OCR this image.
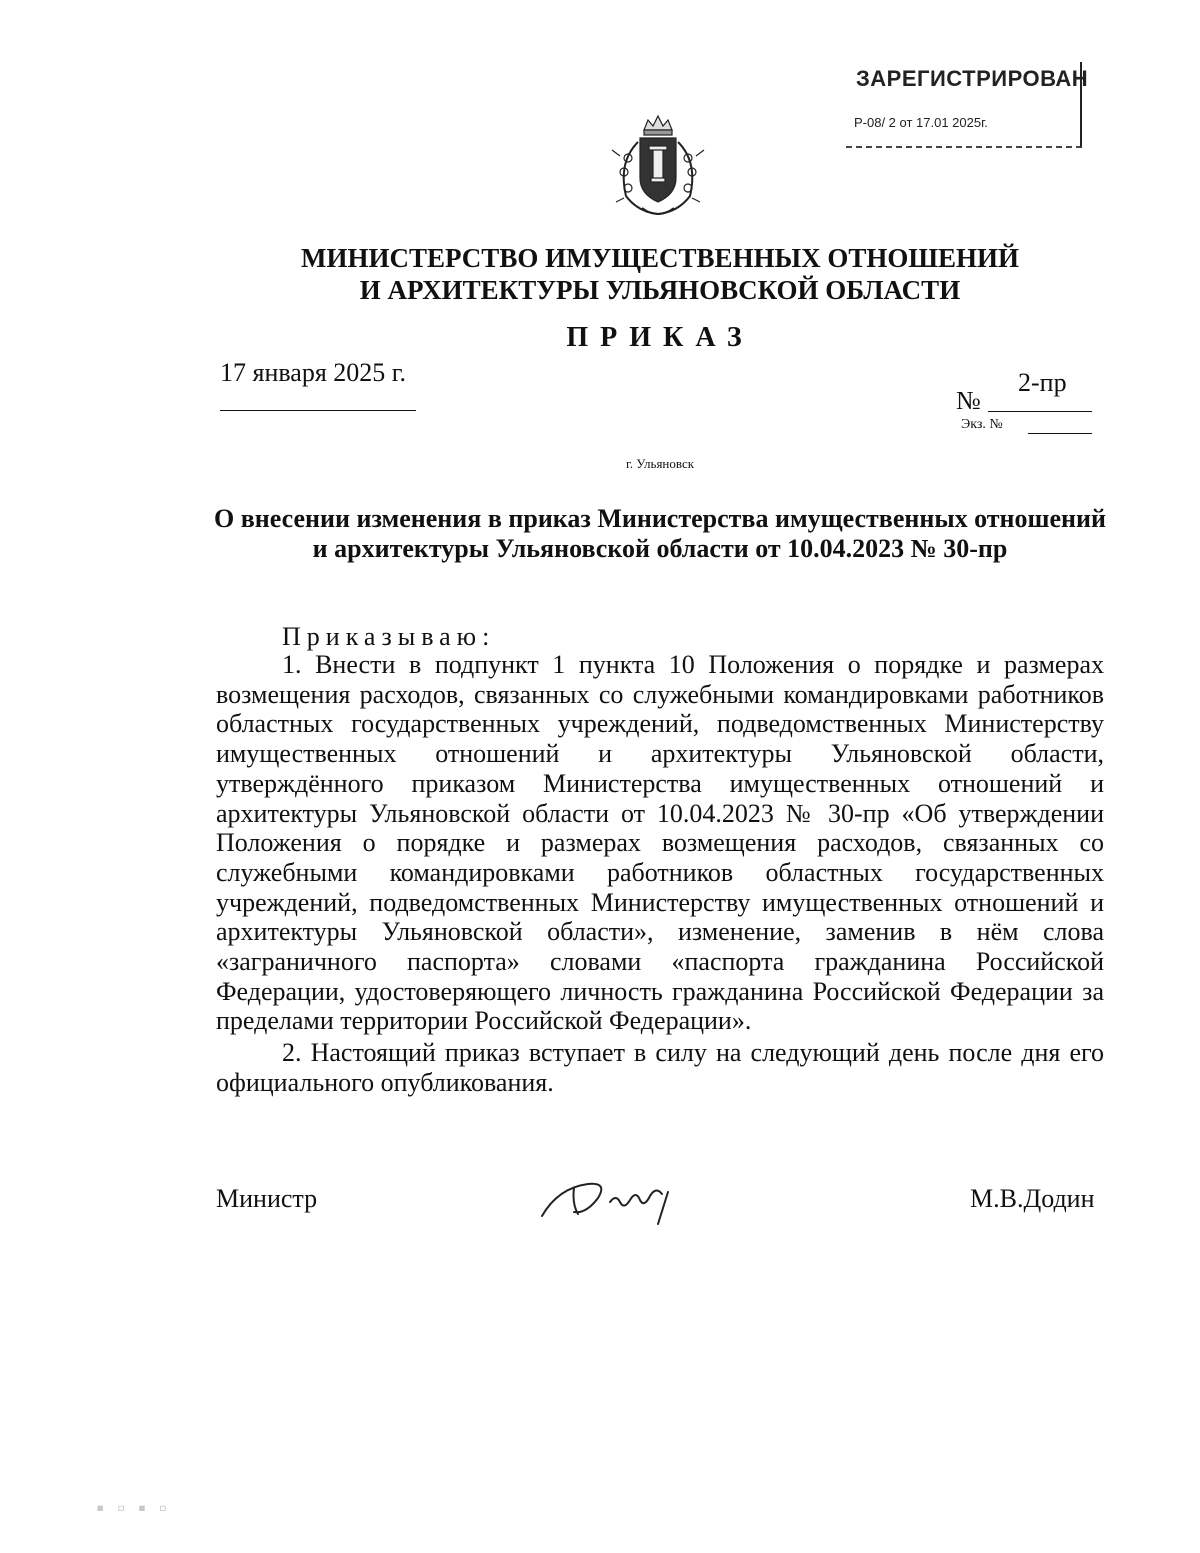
ЗАРЕГИСТРИРОВАН
Р-08/ 2 от 17.01 2025г.
МИНИСТЕРСТВО ИМУЩЕСТВЕННЫХ ОТНОШЕНИЙ
И АРХИТЕКТУРЫ УЛЬЯНОВСКОЙ ОБЛАСТИ
ПРИКАЗ
17 января 2025 г.
№
2-пр
Экз. №
г. Ульяновск
О внесении изменения в приказ Министерства имущественных отношений
и архитектуры Ульяновской области от 10.04.2023 № 30-пр
Приказываю:
1. Внести в подпункт 1 пункта 10 Положения о порядке и размерах возмещения расходов, связанных со служебными командировками работников областных государственных учреждений, подведомственных Министерству имущественных отношений и архитектуры Ульяновской области, утверждённого приказом Министерства имущественных отношений и архитектуры Ульяновской области от 10.04.2023 № 30-пр «Об утверждении Положения о порядке и размерах возмещения расходов, связанных со служебными командировками работников областных государственных учреждений, подведомственных Министерству имущественных отношений и архитектуры Ульяновской области», изменение, заменив в нём слова «заграничного паспорта» словами «паспорта гражданина Российской Федерации, удостоверяющего личность гражданина Российской Федерации за пределами территории Российской Федерации».
2. Настоящий приказ вступает в силу на следующий день после дня его официального опубликования.
Министр	М.В.Додин
▪ ▫ ▪ ▫
